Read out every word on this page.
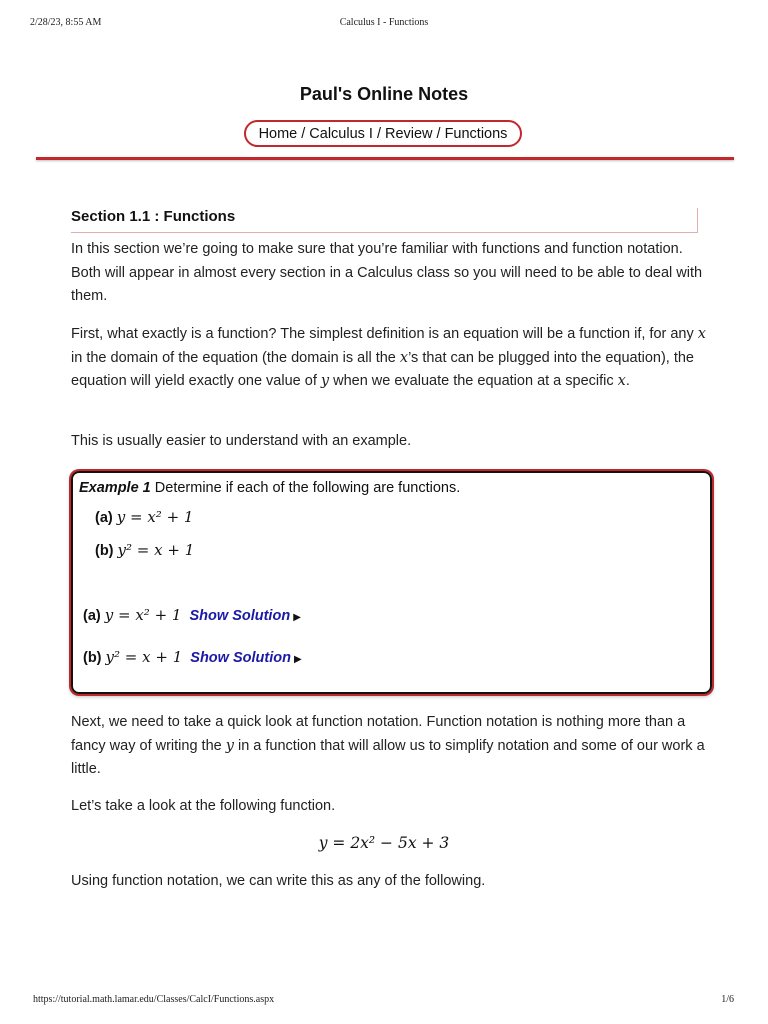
2/28/23, 8:55 AM	Calculus I - Functions
Paul's Online Notes
Home / Calculus I / Review / Functions
Section 1.1 : Functions
In this section we’re going to make sure that you’re familiar with functions and function notation. Both will appear in almost every section in a Calculus class so you will need to be able to deal with them.
First, what exactly is a function? The simplest definition is an equation will be a function if, for any x in the domain of the equation (the domain is all the x’s that can be plugged into the equation), the equation will yield exactly one value of y when we evaluate the equation at a specific x.
This is usually easier to understand with an example.
Example 1 Determine if each of the following are functions.
(a) y = x² + 1
(b) y² = x + 1
(a) y = x² + 1 Show Solution ▶
(b) y² = x + 1 Show Solution ▶
Next, we need to take a quick look at function notation. Function notation is nothing more than a fancy way of writing the y in a function that will allow us to simplify notation and some of our work a little.
Let’s take a look at the following function.
y = 2x² − 5x + 3
Using function notation, we can write this as any of the following.
https://tutorial.math.lamar.edu/Classes/CalcI/Functions.aspx	1/6
